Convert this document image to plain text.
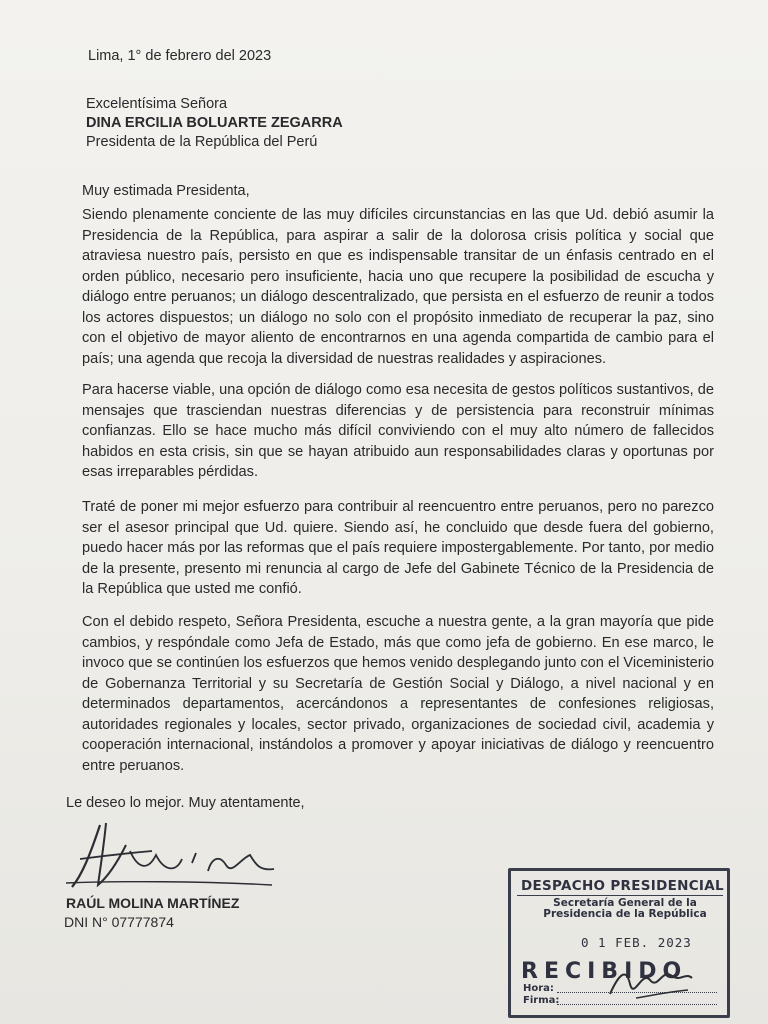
Lima, 1° de febrero del 2023
Excelentísima Señora
DINA ERCILIA BOLUARTE ZEGARRA
Presidenta de la República del Perú
Muy estimada Presidenta,
Siendo plenamente conciente de las muy difíciles circunstancias en las que Ud. debió asumir la Presidencia de la República, para aspirar a salir de la dolorosa crisis política y social que atraviesa nuestro país, persisto en que es indispensable transitar de un énfasis centrado en el orden público, necesario pero insuficiente, hacia uno que recupere la posibilidad de escucha y diálogo entre peruanos; un diálogo descentralizado, que persista en el esfuerzo de reunir a todos los actores dispuestos; un diálogo no solo con el propósito inmediato de recuperar la paz, sino con el objetivo de mayor aliento de encontrarnos en una agenda compartida de cambio para el país; una agenda que recoja la diversidad de nuestras realidades y aspiraciones.
Para hacerse viable, una opción de diálogo como esa necesita de gestos políticos sustantivos, de mensajes que trasciendan nuestras diferencias y de persistencia para reconstruir mínimas confianzas. Ello se hace mucho más difícil conviviendo con el muy alto número de fallecidos habidos en esta crisis, sin que se hayan atribuido aun responsabilidades claras y oportunas por esas irreparables pérdidas.
Traté de poner mi mejor esfuerzo para contribuir al reencuentro entre peruanos, pero no parezco ser el asesor principal que Ud. quiere. Siendo así, he concluido que desde fuera del gobierno, puedo hacer más por las reformas que el país requiere impostergablemente. Por tanto, por medio de la presente, presento mi renuncia al cargo de Jefe del Gabinete Técnico de la Presidencia de la República que usted me confió.
Con el debido respeto, Señora Presidenta, escuche a nuestra gente, a la gran mayoría que pide cambios, y respóndale como Jefa de Estado, más que como jefa de gobierno. En ese marco, le invoco que se continúen los esfuerzos que hemos venido desplegando junto con el Viceministerio de Gobernanza Territorial y su Secretaría de Gestión Social y Diálogo, a nivel nacional y en determinados departamentos, acercándonos a representantes de confesiones religiosas, autoridades regionales y locales, sector privado, organizaciones de sociedad civil, academia y cooperación internacional, instándolos a promover y apoyar iniciativas de diálogo y reencuentro entre peruanos.
Le deseo lo mejor. Muy atentamente,
RAÚL MOLINA MARTÍNEZ
DNI N° 07777874
DESPACHO PRESIDENCIAL
Secretaría General de la
Presidencia de la República
0 1 FEB. 2023
RECIBIDO
Hora:
Firma:
